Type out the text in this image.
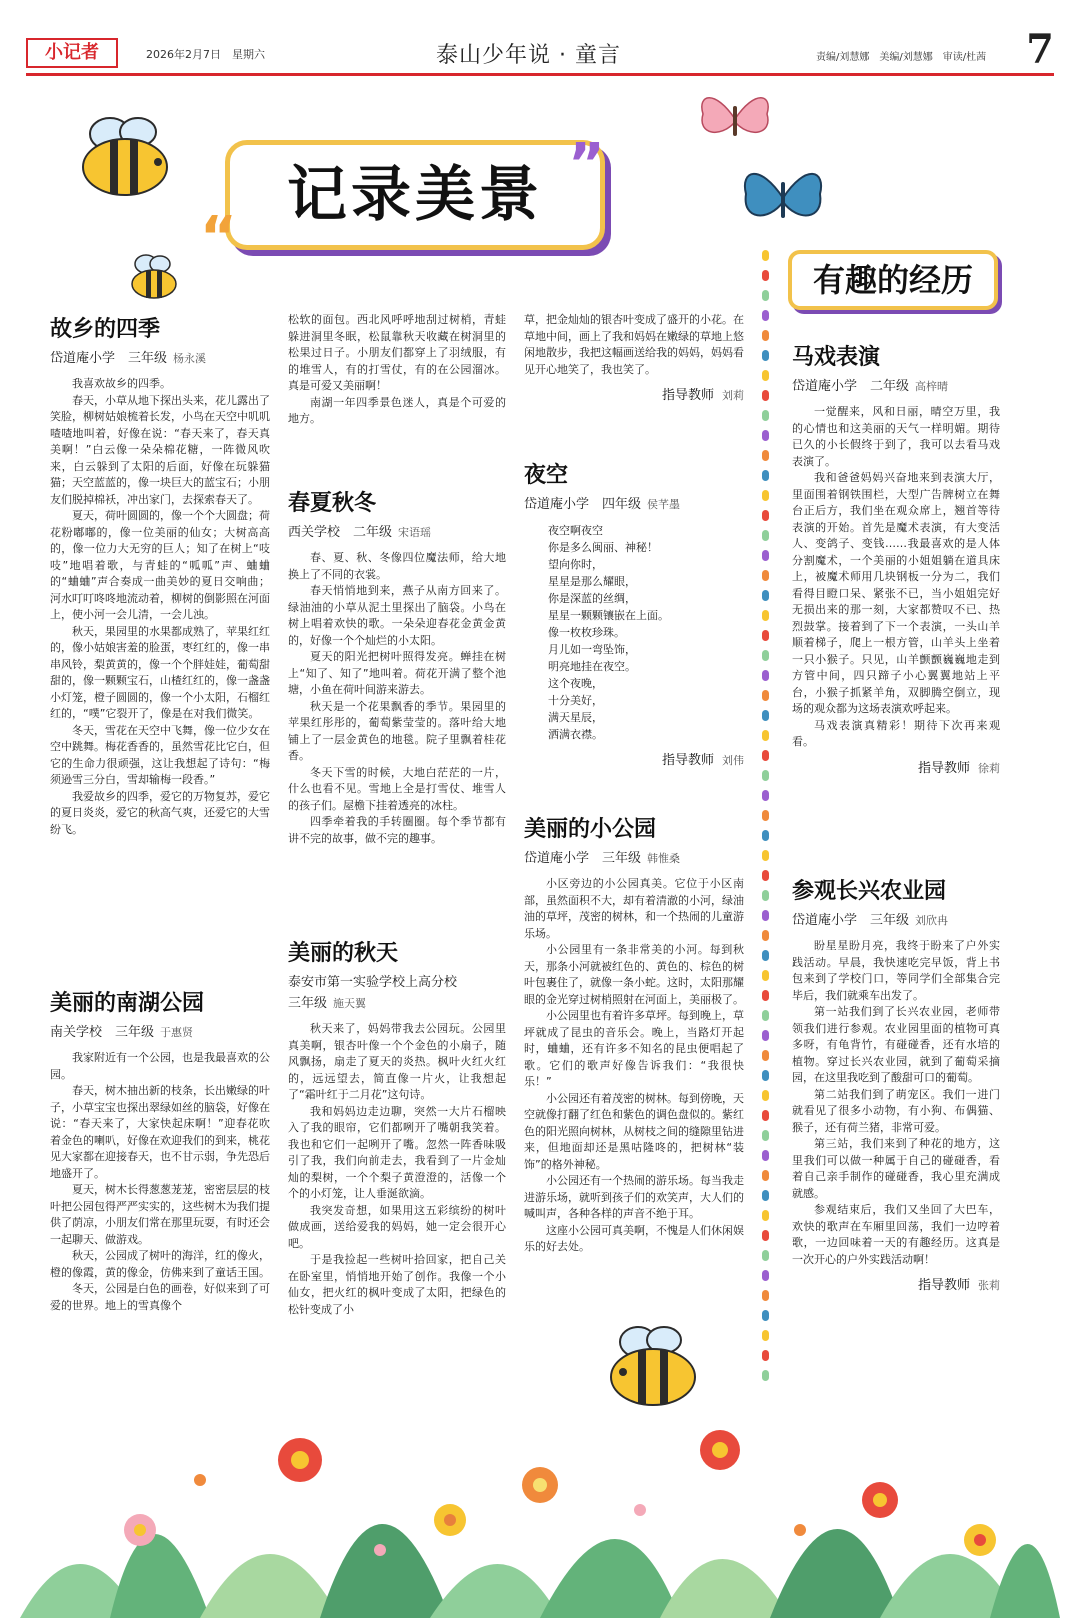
小记者	2026年2月7日　星期六	泰山少年说 · 童言	责编/刘慧娜　美编/刘慧娜　审读/杜茜 7
记录美景
“
”
有趣的经历
故乡的四季
岱道庵小学　三年级 杨永溪

我喜欢故乡的四季。

春天，小草从地下探出头来，花儿露出了笑脸，柳树姑娘梳着长发，小鸟在天空中叽叽喳喳地叫着，好像在说：“春天来了，春天真美啊！”白云像一朵朵棉花糖，一阵微风吹来，白云躲到了太阳的后面，好像在玩躲猫猫；天空蓝蓝的，像一块巨大的蓝宝石；小朋友们脱掉棉袄，冲出家门，去探索春天了。

夏天，荷叶圆圆的，像一个个大圆盘；荷花粉嘟嘟的，像一位美丽的仙女；大树高高的，像一位力大无穷的巨人；知了在树上“吱吱”地唱着歌，与青蛙的“呱呱”声、蛐蛐的“蛐蛐”声合奏成一曲美妙的夏日交响曲；河水叮叮咚咚地流动着，柳树的倒影照在河面上，使小河一会儿清，一会儿浊。

秋天，果园里的水果都成熟了，苹果红红的，像小姑娘害羞的脸蛋，枣红红的，像一串串风铃，梨黄黄的，像一个个胖娃娃，葡萄甜甜的，像一颗颗宝石，山楂红红的，像一盏盏小灯笼，橙子圆圆的，像一个小太阳，石榴红红的，“噗”它裂开了，像是在对我们微笑。

冬天，雪花在天空中飞舞，像一位少女在空中跳舞。梅花香香的，虽然雪花比它白，但它的生命力很顽强，这让我想起了诗句：“梅须逊雪三分白，雪却输梅一段香。”

我爱故乡的四季，爱它的万物复苏，爱它的夏日炎炎，爱它的秋高气爽，还爱它的大雪纷飞。

美丽的南湖公园
南关学校　三年级 于惠贤

我家附近有一个公园，也是我最喜欢的公园。

春天，树木抽出新的枝条，长出嫩绿的叶子，小草宝宝也探出翠绿如丝的脑袋，好像在说：“春天来了，大家快起床啊！”迎春花吹着金色的喇叭，好像在欢迎我们的到来，桃花见大家都在迎接春天，也不甘示弱，争先恐后地盛开了。

夏天，树木长得葱葱茏茏，密密层层的枝叶把公园包得严严实实的，这些树木为我们提供了荫凉，小朋友们常在那里玩耍，有时还会一起聊天、做游戏。

秋天，公园成了树叶的海洋，红的像火，橙的像霞，黄的像金，仿佛来到了童话王国。

冬天，公园是白色的画卷，好似来到了可爱的世界。地上的雪真像个

松软的面包。西北风呼呼地刮过树梢，青蛙躲进洞里冬眠，松鼠靠秋天收藏在树洞里的松果过日子。小朋友们都穿上了羽绒服，有的堆雪人，有的打雪仗，有的在公园溜冰。真是可爱又美丽啊！

南湖一年四季景色迷人，真是个可爱的地方。

春夏秋冬
西关学校　二年级 宋语瑶

春、夏、秋、冬像四位魔法师，给大地换上了不同的衣裳。

春天悄悄地到来，燕子从南方回来了。绿油油的小草从泥土里探出了脑袋。小鸟在树上唱着欢快的歌。一朵朵迎春花金黄金黄的，好像一个个灿烂的小太阳。

夏天的阳光把树叶照得发亮。蝉挂在树上“知了、知了”地叫着。荷花开满了整个池塘，小鱼在荷叶间游来游去。

秋天是一个花果飘香的季节。果园里的苹果红彤彤的，葡萄紫莹莹的。落叶给大地铺上了一层金黄色的地毯。院子里飘着桂花香。

冬天下雪的时候，大地白茫茫的一片，什么也看不见。雪地上全是打雪仗、堆雪人的孩子们。屋檐下挂着透亮的冰柱。

四季牵着我的手转圈圈。每个季节都有讲不完的故事，做不完的趣事。

美丽的秋天
泰安市第一实验学校上高分校
三年级 施天翼

秋天来了，妈妈带我去公园玩。公园里真美啊，银杏叶像一个个金色的小扇子，随风飘扬，扇走了夏天的炎热。枫叶火红火红的，远远望去，简直像一片火，让我想起了“霜叶红于二月花”这句诗。

我和妈妈边走边聊，突然一大片石榴映入了我的眼帘，它们都咧开了嘴朝我笑着。我也和它们一起咧开了嘴。忽然一阵香味吸引了我，我们向前走去，我看到了一片金灿灿的梨树，一个个梨子黄澄澄的，活像一个个的小灯笼，让人垂涎欲滴。

我突发奇想，如果用这五彩缤纷的树叶做成画，送给爱我的妈妈，她一定会很开心吧。

于是我捡起一些树叶拾回家，把自己关在卧室里，悄悄地开始了创作。我像一个小仙女，把火红的枫叶变成了太阳，把绿色的松针变成了小

草，把金灿灿的银杏叶变成了盛开的小花。在草地中间，画上了我和妈妈在嫩绿的草地上悠闲地散步，我把这幅画送给我的妈妈，妈妈看见开心地笑了，我也笑了。

指导教师 刘莉
夜空
岱道庵小学　四年级 侯芊墨

夜空啊夜空

你是多么闽丽、神秘！

望向你时，

星星是那么耀眼，

你是深蓝的丝绸，

星星一颗颗镶嵌在上面。

像一枚枚珍珠。

月儿如一弯坠饰，

明亮地挂在夜空。

这个夜晚，

十分美好，

满天星辰，

洒满衣襟。

指导教师 刘伟
美丽的小公园
岱道庵小学　三年级 韩惟桑

小区旁边的小公园真美。它位于小区南部，虽然面积不大，却有着清澈的小河，绿油油的草坪，茂密的树林，和一个热闹的儿童游乐场。

小公园里有一条非常美的小河。每到秋天，那条小河就被红色的、黄色的、棕色的树叶包裹住了，就像一条小蛇。这时，太阳那耀眼的金光穿过树梢照射在河面上，美丽极了。

小公园里也有着许多草坪。每到晚上，草坪就成了昆虫的音乐会。晚上，当路灯开起时，蛐蛐，还有许多不知名的昆虫便唱起了歌。它们的歌声好像告诉我们：“我很快乐！”

小公园还有着茂密的树林。每到傍晚，天空就像打翻了红色和紫色的调色盘似的。紫红色的阳光照向树林，从树枝之间的缝隙里钻进来，但地面却还是黑咕隆咚的，把树林“装饰”的格外神秘。

小公园还有一个热闹的游乐场。每当我走进游乐场，就听到孩子们的欢笑声，大人们的喊叫声，各种各样的声音不绝于耳。

这座小公园可真美啊，不愧是人们休闲娱乐的好去处。

马戏表演
岱道庵小学　二年级 高梓晴

一觉醒来，风和日丽，晴空万里，我的心情也和这美丽的天气一样明媚。期待已久的小长假终于到了，我可以去看马戏表演了。

我和爸爸妈妈兴奋地来到表演大厅，里面围着钢铁围栏，大型广告牌树立在舞台正后方，我们坐在观众席上，翘首等待表演的开始。首先是魔术表演，有大变活人、变鸽子、变钱……我最喜欢的是人体分割魔术，一个美丽的小姐姐躺在道具床上，被魔术师用几块钢板一分为二，我们看得目瞪口呆、紧张不已，当小姐姐完好无损出来的那一刻，大家都赞叹不已、热烈鼓掌。接着到了下一个表演，一头山羊顺着梯子，爬上一根方管，山羊头上坐着一只小猴子。只见，山羊颤颤巍巍地走到方管中间，四只蹄子小心翼翼地站上平台，小猴子抓紧羊角，双脚腾空倒立，现场的观众都为这场表演欢呼起来。

马戏表演真精彩！期待下次再来观看。

指导教师 徐莉
参观长兴农业园
岱道庵小学　三年级 刘欣冉

盼星星盼月亮，我终于盼来了户外实践活动。早晨，我快速吃完早饭，背上书包来到了学校门口，等同学们全部集合完毕后，我们就乘车出发了。

第一站我们到了长兴农业园，老师带领我们进行参观。农业园里面的植物可真多呀，有龟背竹，有碰碰香，还有水培的植物。穿过长兴农业园，就到了葡萄采摘园，在这里我吃到了酸甜可口的葡萄。

第二站我们到了萌宠区。我们一进门就看见了很多小动物，有小狗、布偶猫、猴子，还有荷兰猪，非常可爱。

第三站，我们来到了种花的地方，这里我们可以做一种属于自己的碰碰香，看着自己亲手制作的碰碰香，我心里充满成就感。

参观结束后，我们又坐回了大巴车，欢快的歌声在车厢里回荡，我们一边哼着歌，一边回味着一天的有趣经历。这真是一次开心的户外实践活动啊！

指导教师 张莉
